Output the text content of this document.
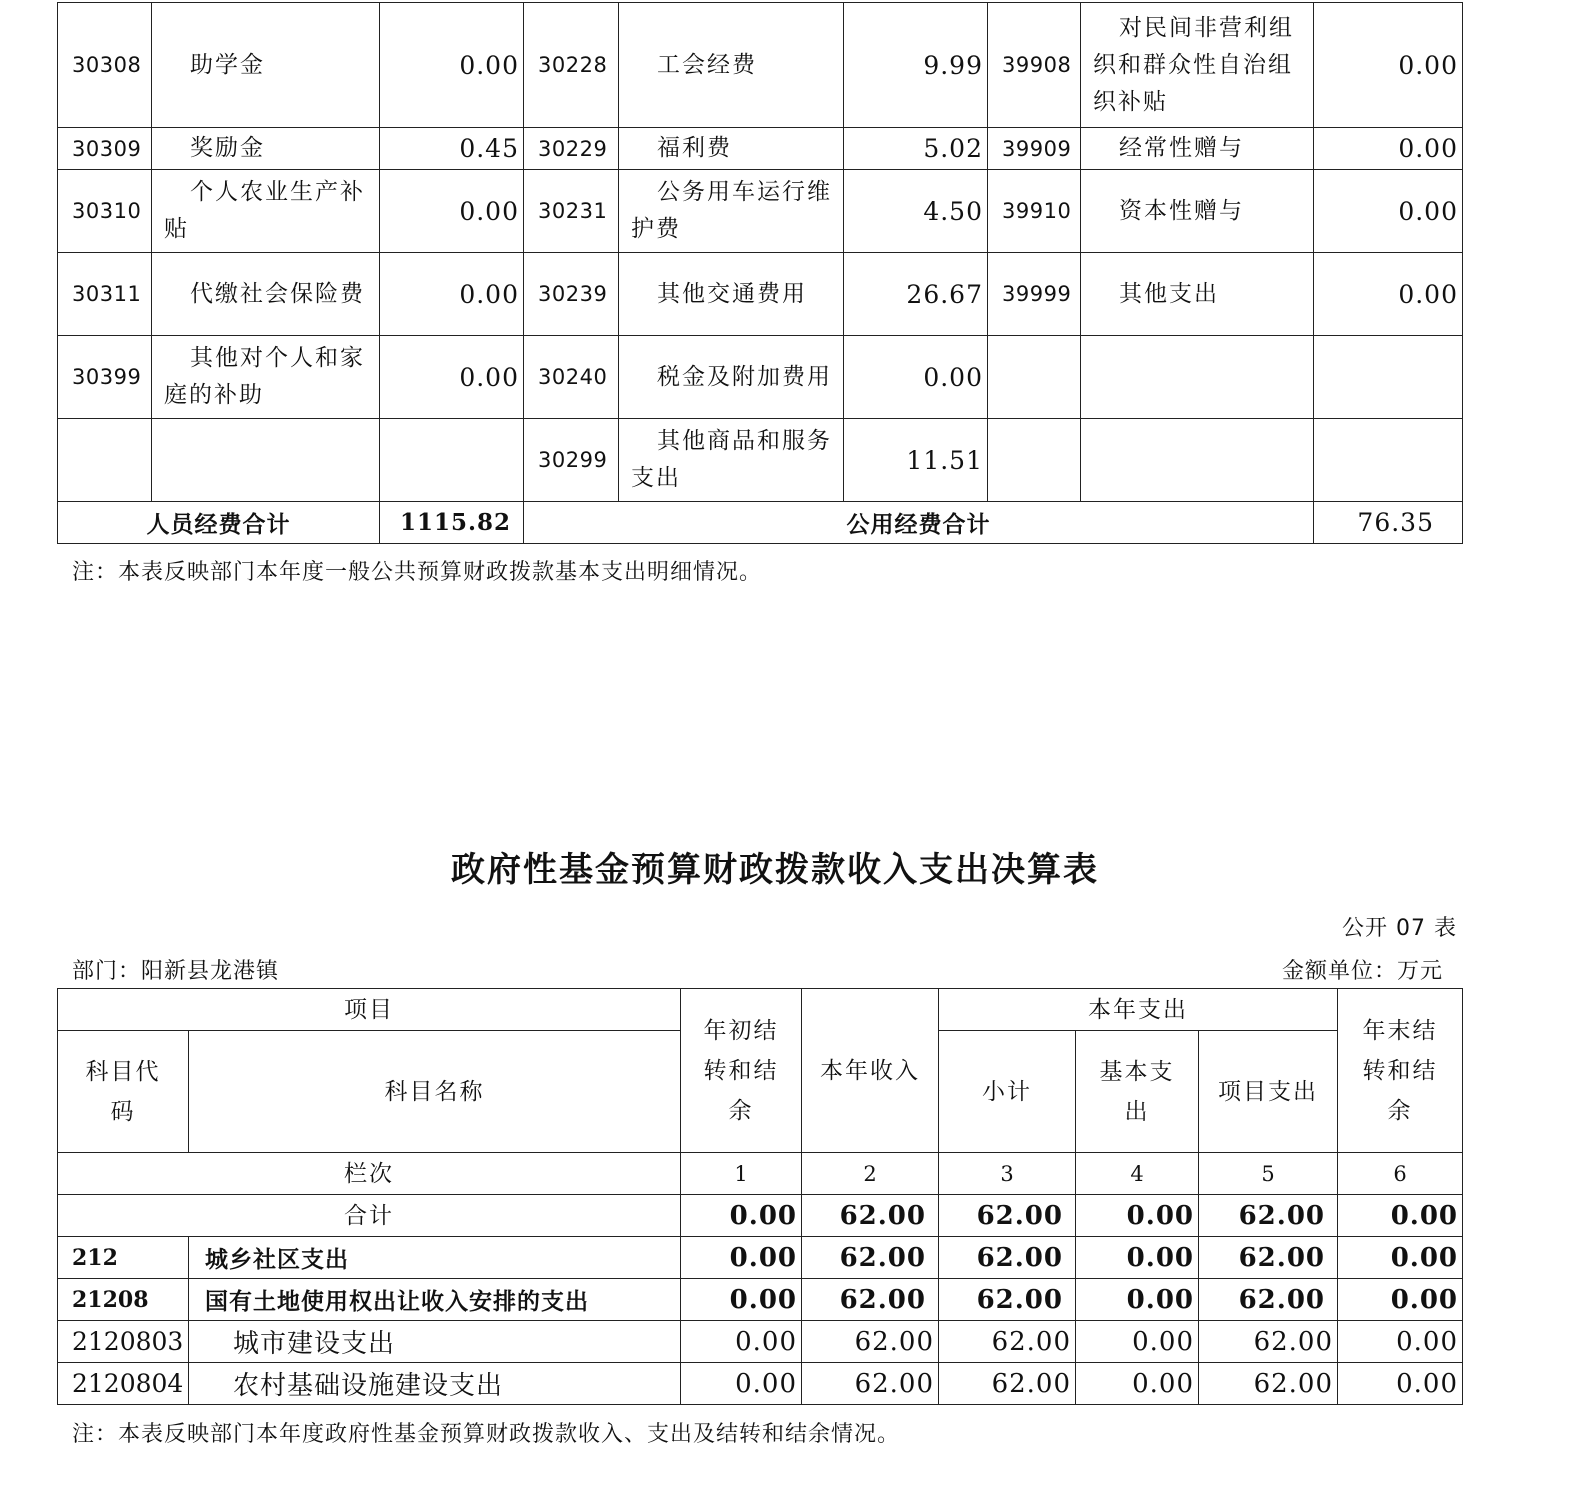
30308	助学金	0.00	30228	工会经费	9.99	39908	对民间非营利组织和群众性自治组织补贴	0.00
30309	奖励金	0.45	30229	福利费	5.02	39909	经常性赠与	0.00
30310	个人农业生产补贴	0.00	30231	公务用车运行维护费	4.50	39910	资本性赠与	0.00
30311	代缴社会保险费	0.00	30239	其他交通费用	26.67	39999	其他支出	0.00
30399	其他对个人和家庭的补助	0.00	30240	税金及附加费用	0.00			
			30299	其他商品和服务支出	11.51			
人员经费合计		1115.82	公用经费合计					76.35
注：本表反映部门本年度一般公共预算财政拨款基本支出明细情况。
政府性基金预算财政拨款收入支出决算表
公开 07 表
部门：阳新县龙港镇	金额单位：万元
项目		年初结转和结余	本年收入	本年支出			年末结转和结余
科目代码	科目名称			小计	基本支出	项目支出	
栏次		1	2	3	4	5	6
合计		0.00	62.00	62.00	0.00	62.00	0.00
212	城乡社区支出	0.00	62.00	62.00	0.00	62.00	0.00
21208	国有土地使用权出让收入安排的支出	0.00	62.00	62.00	0.00	62.00	0.00
2120803	城市建设支出	0.00	62.00	62.00	0.00	62.00	0.00
2120804	农村基础设施建设支出	0.00	62.00	62.00	0.00	62.00	0.00
注：本表反映部门本年度政府性基金预算财政拨款收入、支出及结转和结余情况。
